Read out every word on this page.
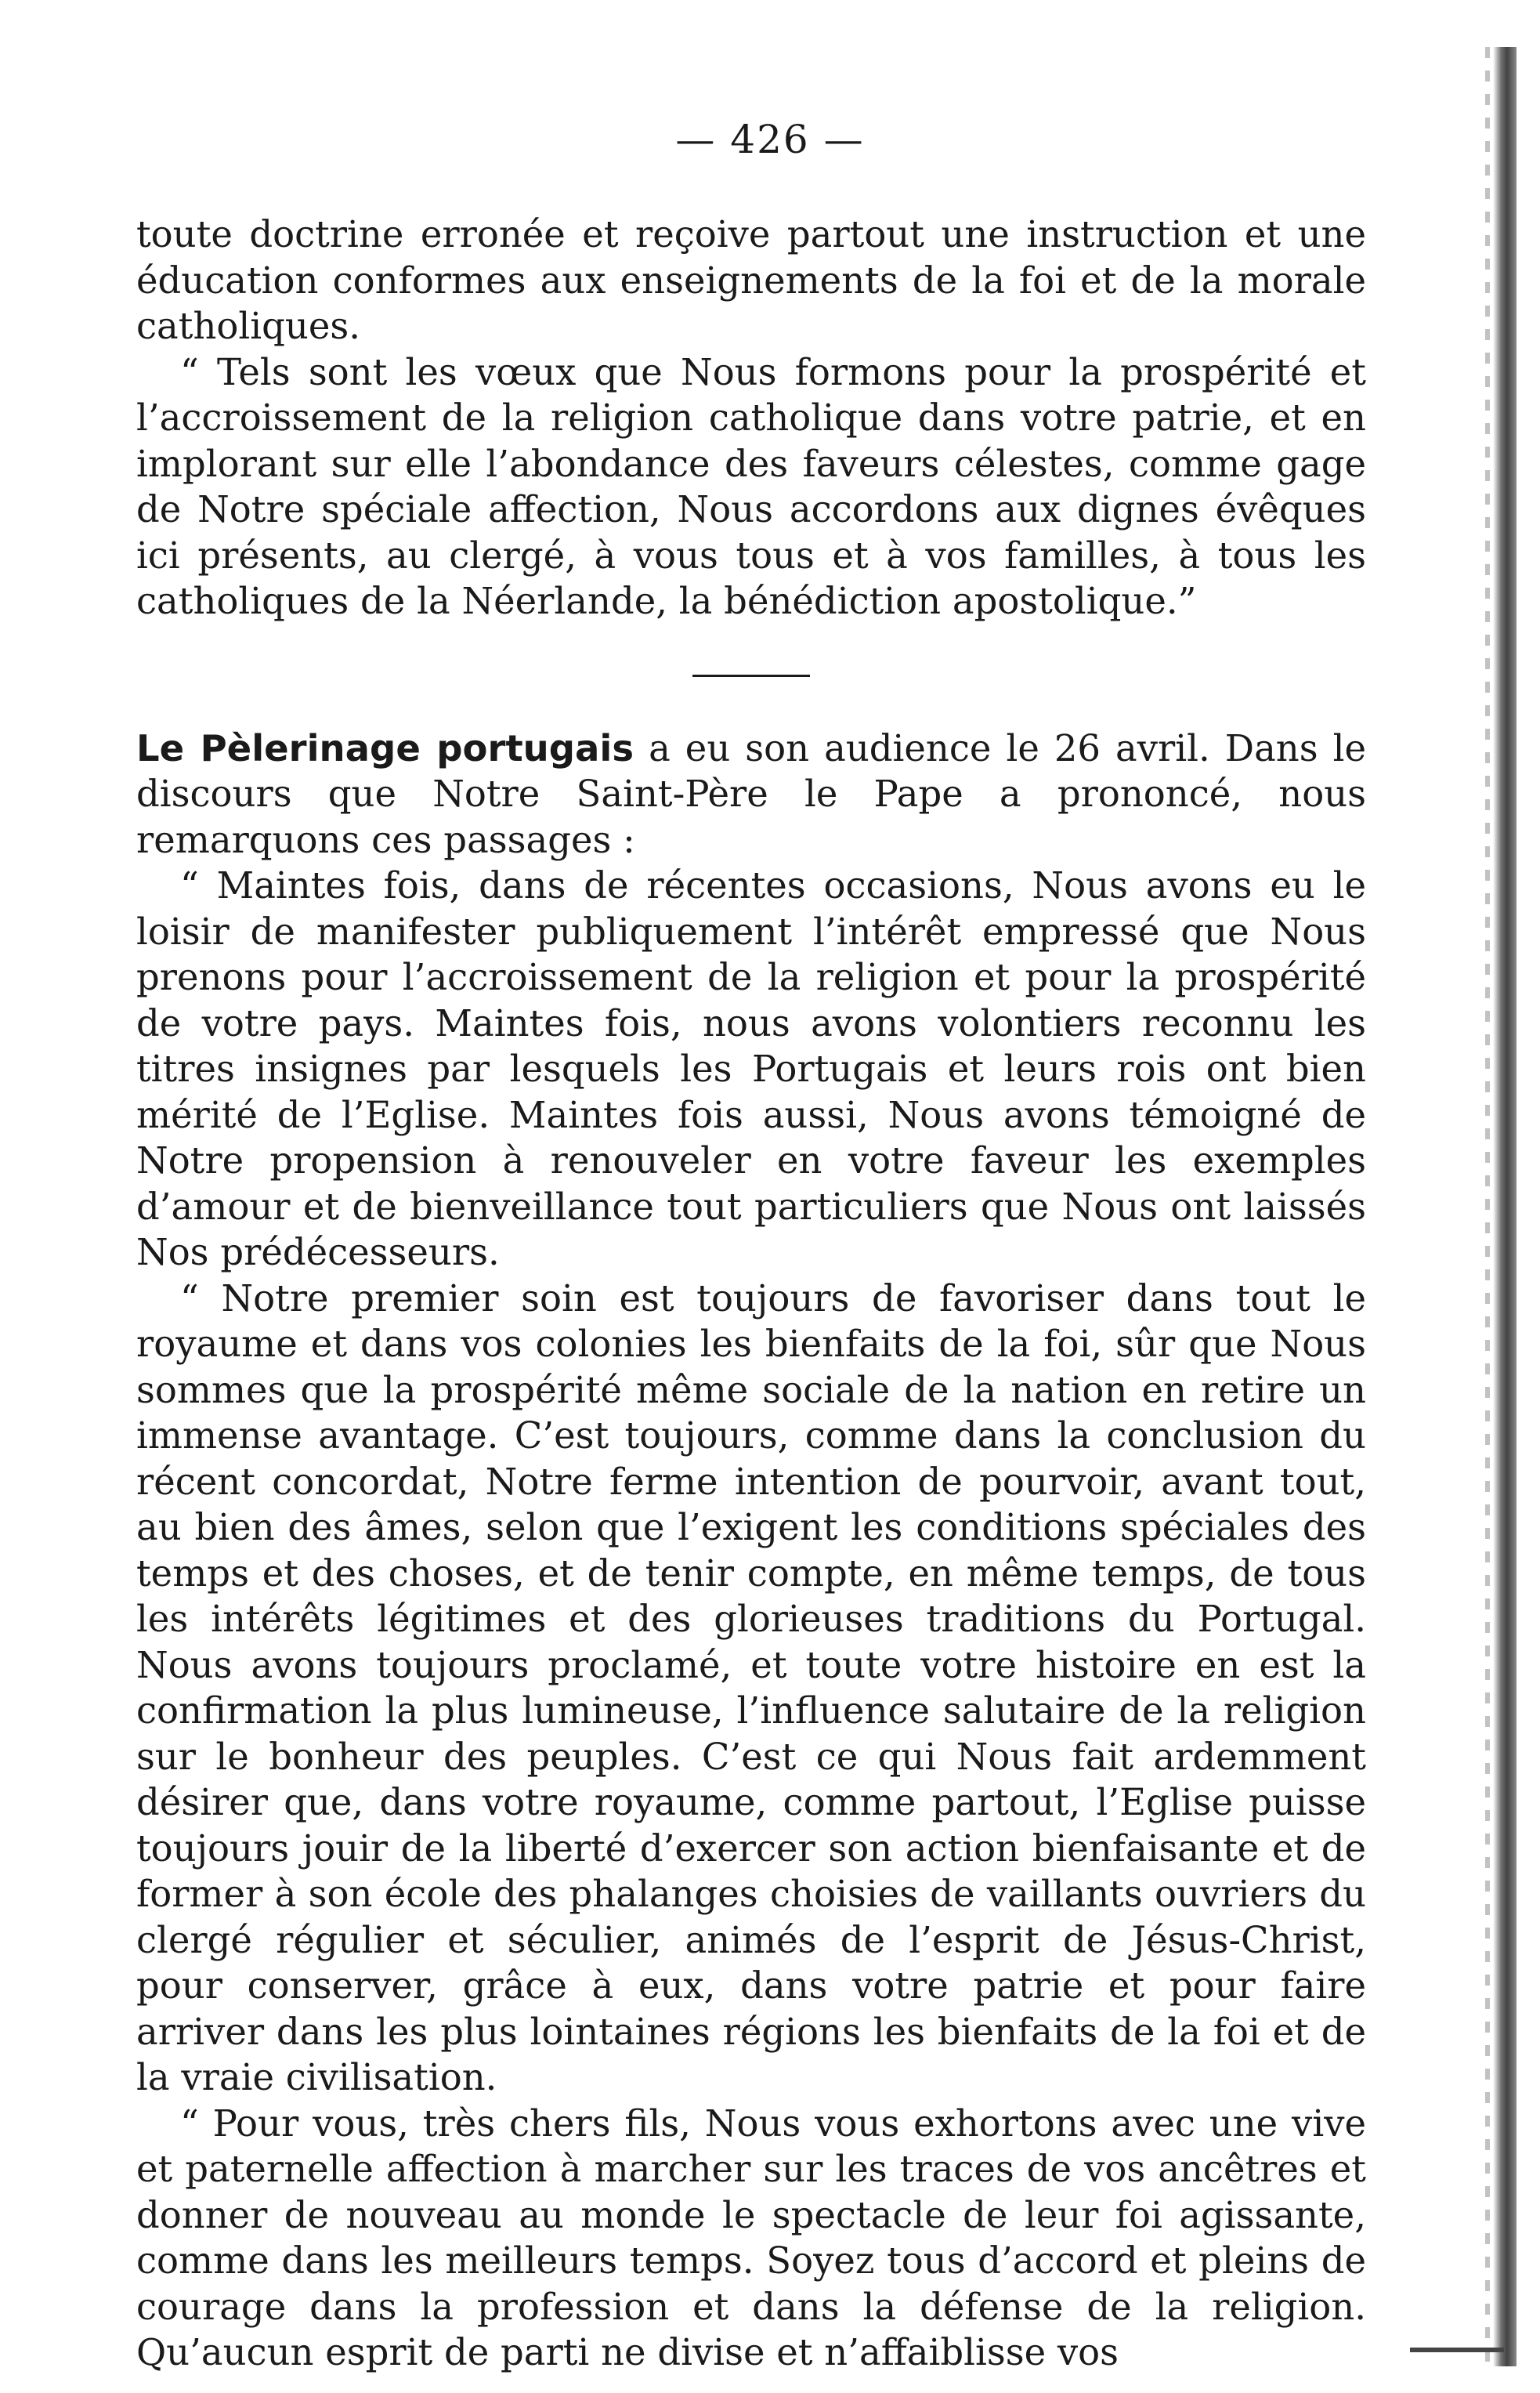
— 426 —

toute doctrine erronée et reçoive partout une instruction et une éducation conformes aux enseignements de la foi et de la morale catholiques.

“ Tels sont les vœux que Nous formons pour la prospérité et l’accroissement de la religion catholique dans votre patrie, et en implorant sur elle l’abondance des faveurs célestes, comme gage de Notre spéciale affection, Nous accordons aux dignes évêques ici présents, au clergé, à vous tous et à vos familles, à tous les catholiques de la Néerlande, la bénédiction apostolique.”

Le Pèlerinage portugais a eu son audience le 26 avril. Dans le discours que Notre Saint-Père le Pape a prononcé, nous remarquons ces passages :

“ Maintes fois, dans de récentes occasions, Nous avons eu le loisir de manifester publiquement l’intérêt empressé que Nous prenons pour l’accroissement de la religion et pour la prospérité de votre pays. Maintes fois, nous avons volontiers reconnu les titres insignes par lesquels les Portugais et leurs rois ont bien mérité de l’Eglise. Maintes fois aussi, Nous avons témoigné de Notre propension à renouveler en votre faveur les exemples d’amour et de bienveillance tout particuliers que Nous ont laissés Nos prédécesseurs.

“ Notre premier soin est toujours de favoriser dans tout le royaume et dans vos colonies les bienfaits de la foi, sûr que Nous sommes que la prospérité même sociale de la nation en retire un immense avantage. C’est toujours, comme dans la conclusion du récent concordat, Notre ferme intention de pourvoir, avant tout, au bien des âmes, selon que l’exigent les conditions spéciales des temps et des choses, et de tenir compte, en même temps, de tous les intérêts légitimes et des glorieuses traditions du Portugal. Nous avons toujours proclamé, et toute votre histoire en est la confirmation la plus lumineuse, l’influence salutaire de la religion sur le bonheur des peuples. C’est ce qui Nous fait ardemment désirer que, dans votre royaume, comme partout, l’Eglise puisse toujours jouir de la liberté d’exercer son action bienfaisante et de former à son école des phalanges choisies de vaillants ouvriers du clergé régulier et séculier, animés de l’esprit de Jésus-Christ, pour conserver, grâce à eux, dans votre patrie et pour faire arriver dans les plus lointaines régions les bienfaits de la foi et de la vraie civilisation.

“ Pour vous, très chers fils, Nous vous exhortons avec une vive et paternelle affection à marcher sur les traces de vos ancêtres et donner de nouveau au monde le spectacle de leur foi agissante, comme dans les meilleurs temps. Soyez tous d’accord et pleins de courage dans la profession et dans la défense de la religion. Qu’aucun esprit de parti ne divise et n’affaiblisse vos
